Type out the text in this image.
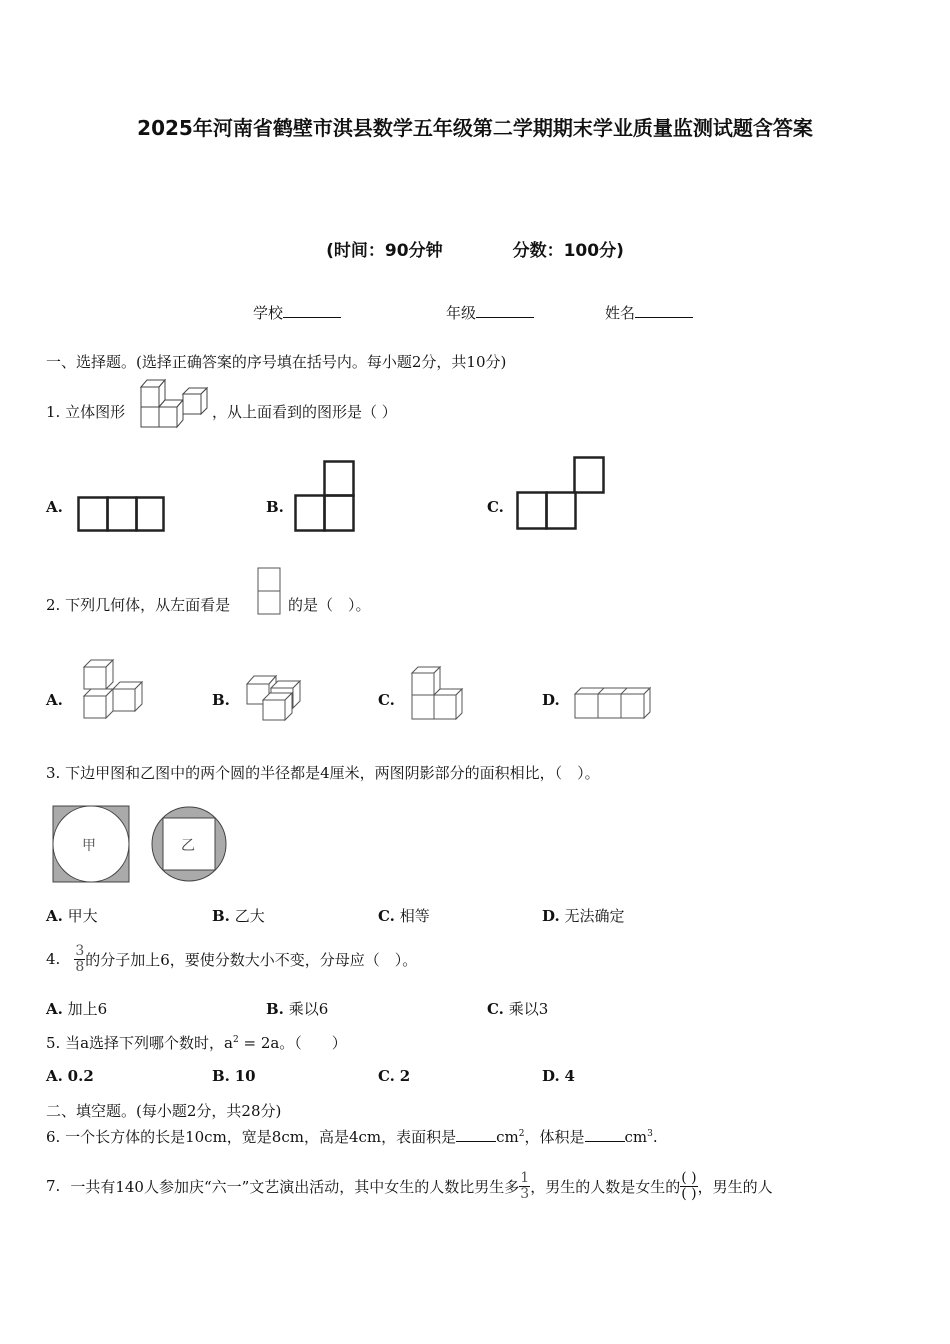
2025年河南省鹤壁市淇县数学五年级第二学期期末学业质量监测试题含答案
(时间：90分钟	分数：100分)
学校	年级	姓名
一、选择题。(选择正确答案的序号填在括号内。每小题2分，共10分)
1. 立体图形	，从上面看到的图形是（ ）
A.	B.	C.
2. 下列几何体，从左面看是	的是（　）。
A.	B.	C.	D.
3. 下边甲图和乙图中的两个圆的半径都是4厘米，两图阴影部分的面积相比，（　）。
甲	乙
A. 甲大	B. 乙大	C. 相等	D. 无法确定
4. $\frac{3}{8}$ 的分子加上6，要使分数大小不变，分母应（　）。
A. 加上6	B. 乘以6	C. 乘以3
5. 当a选择下列哪个数时，$a^2 = 2a$。（　　）
A. 0.2	B. 10	C. 2	D. 4
二、填空题。(每小题2分，共28分)
6. 一个长方体的长是10cm，宽是8cm，高是4cm，表面积是	$cm^2$，体积是	$cm^3$.
7. 一共有140人参加庆“六一”文艺演出活动，其中女生的人数比男生多 $\frac{1}{3}$ ，男生的人数是女生的 $\frac{( )}{( )}$ ，男生的人
